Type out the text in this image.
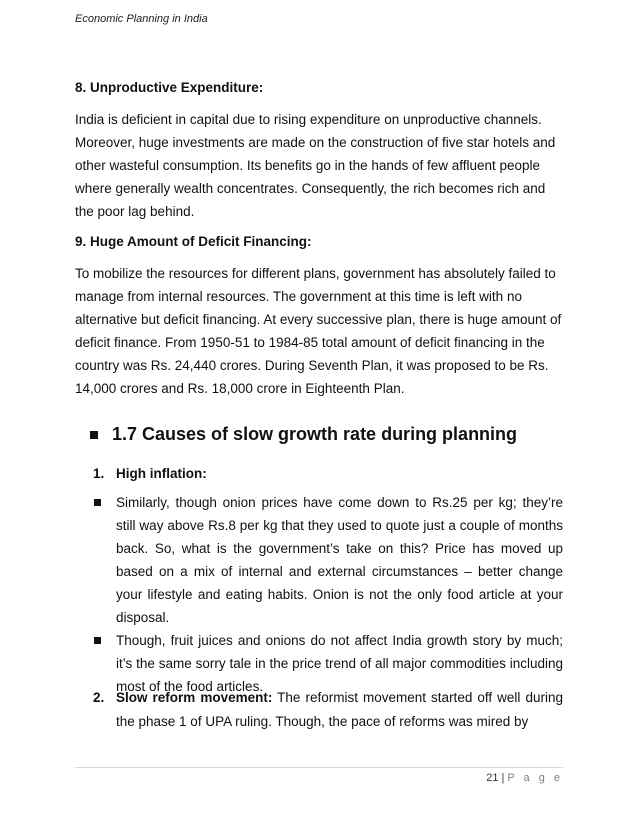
Economic Planning in India
8. Unproductive Expenditure:
India is deficient in capital due to rising expenditure on unproductive channels. Moreover, huge investments are made on the construction of five star hotels and other wasteful consumption. Its benefits go in the hands of few affluent people where generally wealth concentrates. Consequently, the rich becomes rich and the poor lag behind.
9. Huge Amount of Deficit Financing:
To mobilize the resources for different plans, government has absolutely failed to manage from internal resources. The government at this time is left with no alternative but deficit financing. At every successive plan, there is huge amount of deficit finance. From 1950-51 to 1984-85 total amount of deficit financing in the country was Rs. 24,440 crores. During Seventh Plan, it was proposed to be Rs. 14,000 crores and Rs. 18,000 crore in Eighteenth Plan.
1.7 Causes of slow growth rate during planning
1. High inflation:
Similarly, though onion prices have come down to Rs.25 per kg; they’re still way above Rs.8 per kg that they used to quote just a couple of months back. So, what is the government’s take on this? Price has moved up based on a mix of internal and external circumstances – better change your lifestyle and eating habits. Onion is not the only food article at your disposal.
Though, fruit juices and onions do not affect India growth story by much; it’s the same sorry tale in the price trend of all major commodities including most of the food articles.
2. Slow reform movement: The reformist movement started off well during the phase 1 of UPA ruling. Though, the pace of reforms was mired by
21 | P a g e
